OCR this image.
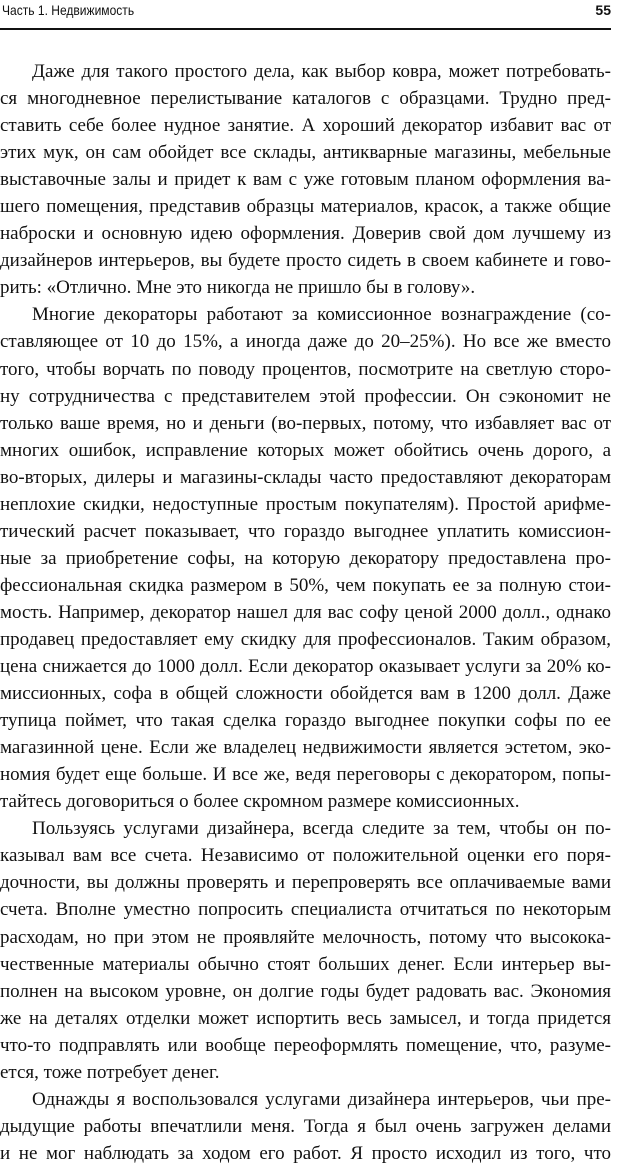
Часть 1. Недвижимость	55
Даже для такого простого дела, как выбор ковра, может потребовать-
ся многодневное перелистывание каталогов с образцами. Трудно пред-
ставить себе более нудное занятие. А хороший декоратор избавит вас от
этих мук, он сам обойдет все склады, антикварные магазины, мебельные
выставочные залы и придет к вам с уже готовым планом оформления ва-
шего помещения, представив образцы материалов, красок, а также общие
наброски и основную идею оформления. Доверив свой дом лучшему из
дизайнеров интерьеров, вы будете просто сидеть в своем кабинете и гово-
рить: «Отлично. Мне это никогда не пришло бы в голову».
Многие декораторы работают за комиссионное вознаграждение (со-
ставляющее от 10 до 15%, а иногда даже до 20–25%). Но все же вместо
того, чтобы ворчать по поводу процентов, посмотрите на светлую сторо-
ну сотрудничества с представителем этой профессии. Он сэкономит не
только ваше время, но и деньги (во-первых, потому, что избавляет вас от
многих ошибок, исправление которых может обойтись очень дорого, а
во-вторых, дилеры и магазины-склады часто предоставляют декораторам
неплохие скидки, недоступные простым покупателям). Простой арифме-
тический расчет показывает, что гораздо выгоднее уплатить комиссион-
ные за приобретение софы, на которую декоратору предоставлена про-
фессиональная скидка размером в 50%, чем покупать ее за полную стои-
мость. Например, декоратор нашел для вас софу ценой 2000 долл., однако
продавец предоставляет ему скидку для профессионалов. Таким образом,
цена снижается до 1000 долл. Если декоратор оказывает услуги за 20% ко-
миссионных, софа в общей сложности обойдется вам в 1200 долл. Даже
тупица поймет, что такая сделка гораздо выгоднее покупки софы по ее
магазинной цене. Если же владелец недвижимости является эстетом, эко-
номия будет еще больше. И все же, ведя переговоры с декоратором, попы-
тайтесь договориться о более скромном размере комиссионных.
Пользуясь услугами дизайнера, всегда следите за тем, чтобы он по-
казывал вам все счета. Независимо от положительной оценки его поря-
дочности, вы должны проверять и перепроверять все оплачиваемые вами
счета. Вполне уместно попросить специалиста отчитаться по некоторым
расходам, но при этом не проявляйте мелочность, потому что высокока-
чественные материалы обычно стоят больших денег. Если интерьер вы-
полнен на высоком уровне, он долгие годы будет радовать вас. Экономия
же на деталях отделки может испортить весь замысел, и тогда придется
что-то подправлять или вообще переоформлять помещение, что, разуме-
ется, тоже потребует денег.
Однажды я воспользовался услугами дизайнера интерьеров, чьи пре-
дыдущие работы впечатлили меня. Тогда я был очень загружен делами
и не мог наблюдать за ходом его работ. Я просто исходил из того, что
